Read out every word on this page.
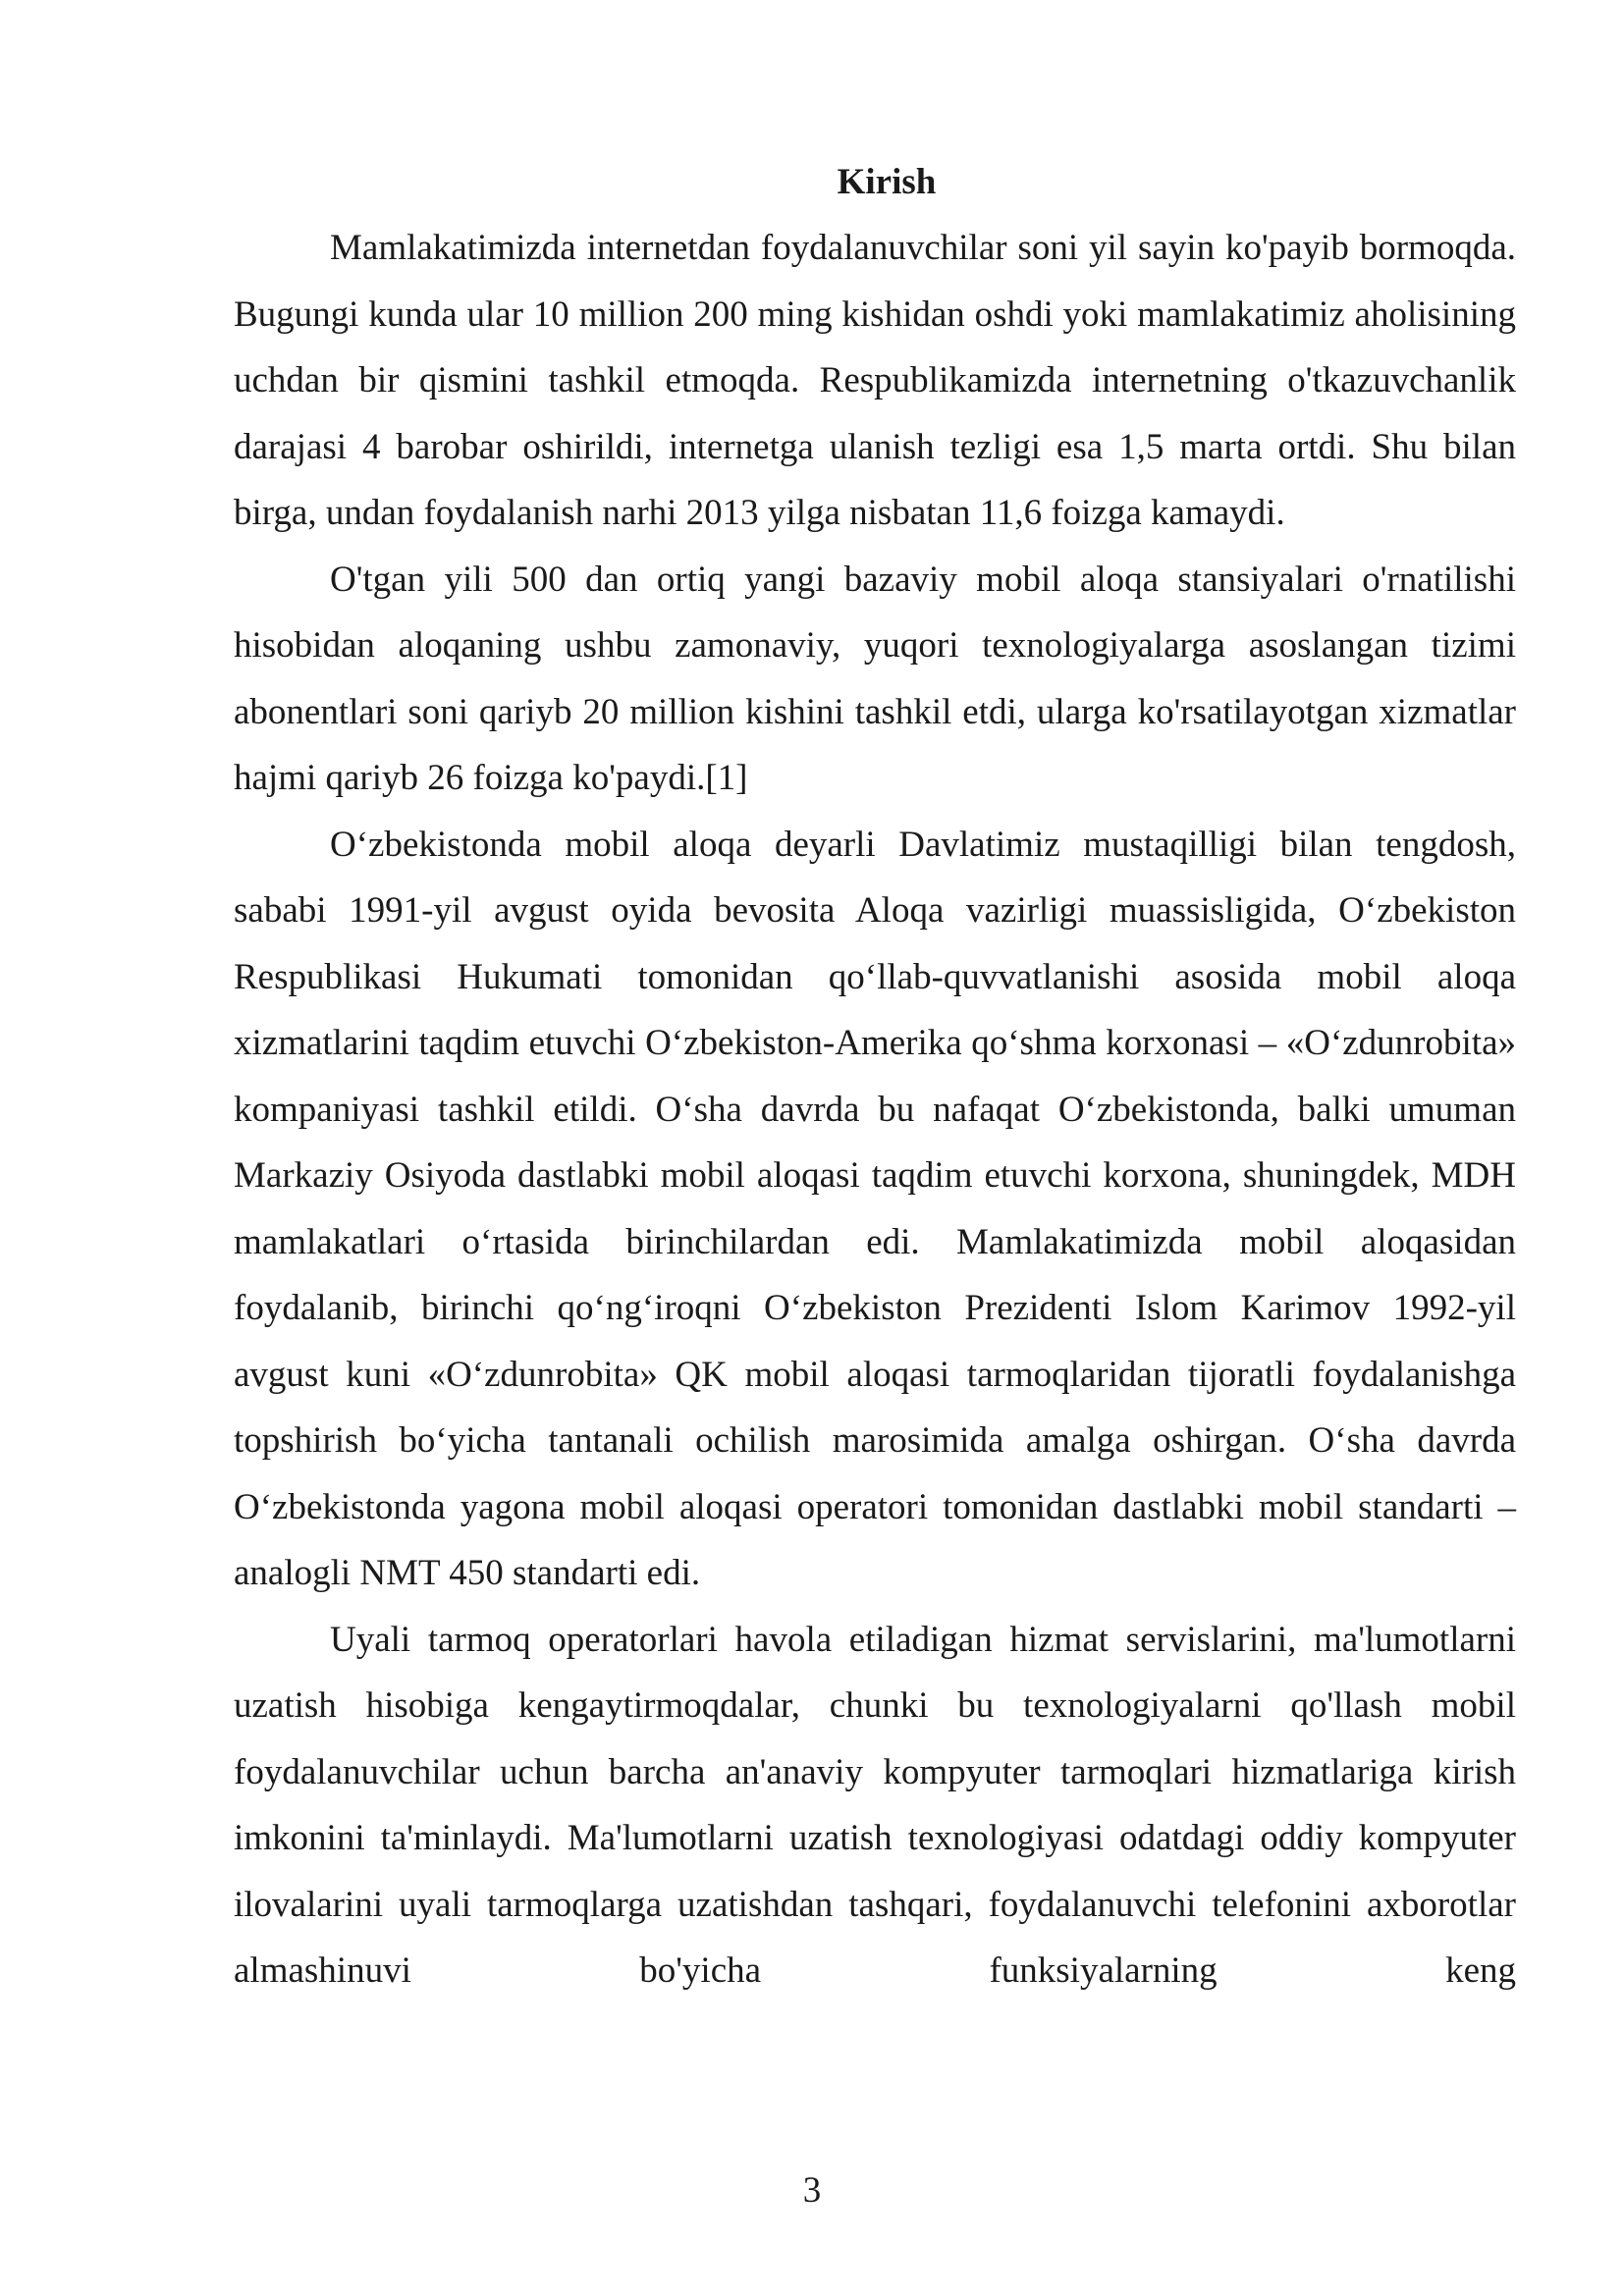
Kirish

Mamlakatimizda internetdan foydalanuvchilar soni yil sayin ko'payib bormoqda. Bugungi kunda ular 10 million 200 ming kishidan oshdi yoki mamlakatimiz aholisining uchdan bir qismini tashkil etmoqda. Respublikamizda internetning o'tkazuvchanlik darajasi 4 barobar oshirildi, internetga ulanish tezligi esa 1,5 marta ortdi. Shu bilan birga, undan foydalanish narhi 2013 yilga nisbatan 11,6 foizga kamaydi.

O'tgan yili 500 dan ortiq yangi bazaviy mobil aloqa stansiyalari o'rnatilishi hisobidan aloqaning ushbu zamonaviy, yuqori texnologiyalarga asoslangan tizimi abonentlari soni qariyb 20 million kishini tashkil etdi, ularga ko'rsatilayotgan xizmatlar hajmi qariyb 26 foizga ko'paydi.[1]

O‘zbekistonda mobil aloqa deyarli Davlatimiz mustaqilligi bilan tengdosh, sababi 1991-yil avgust oyida bevosita Aloqa vazirligi muassisligida, O‘zbekiston Respublikasi Hukumati tomonidan qo‘llab-quvvatlanishi asosida mobil aloqa xizmatlarini taqdim etuvchi O‘zbekiston-Amerika qo‘shma korxonasi – «O‘zdunrobita» kompaniyasi tashkil etildi. O‘sha davrda bu nafaqat O‘zbekistonda, balki umuman Markaziy Osiyoda dastlabki mobil aloqasi taqdim etuvchi korxona, shuningdek, MDH mamlakatlari o‘rtasida birinchilardan edi. Mamlakatimizda mobil aloqasidan foydalanib, birinchi qo‘ng‘iroqni O‘zbekiston Prezidenti Islom Karimov 1992-yil avgust kuni «O‘zdunrobita» QK mobil aloqasi tarmoqlaridan tijoratli foydalanishga topshirish bo‘yicha tantanali ochilish marosimida amalga oshirgan. O‘sha davrda O‘zbekistonda yagona mobil aloqasi operatori tomonidan dastlabki mobil standarti – analogli NMT 450 standarti edi.

Uyali tarmoq operatorlari havola etiladigan hizmat servislarini, ma'lumotlarni uzatish hisobiga kengaytirmoqdalar, chunki bu texnologiyalarni qo'llash mobil foydalanuvchilar uchun barcha an'anaviy kompyuter tarmoqlari hizmatlariga kirish imkonini ta'minlaydi. Ma'lumotlarni uzatish texnologiyasi odatdagi oddiy kompyuter ilovalarini uyali tarmoqlarga uzatishdan tashqari, foydalanuvchi telefonini axborotlar almashinuvi bo'yicha funksiyalarning keng

3
